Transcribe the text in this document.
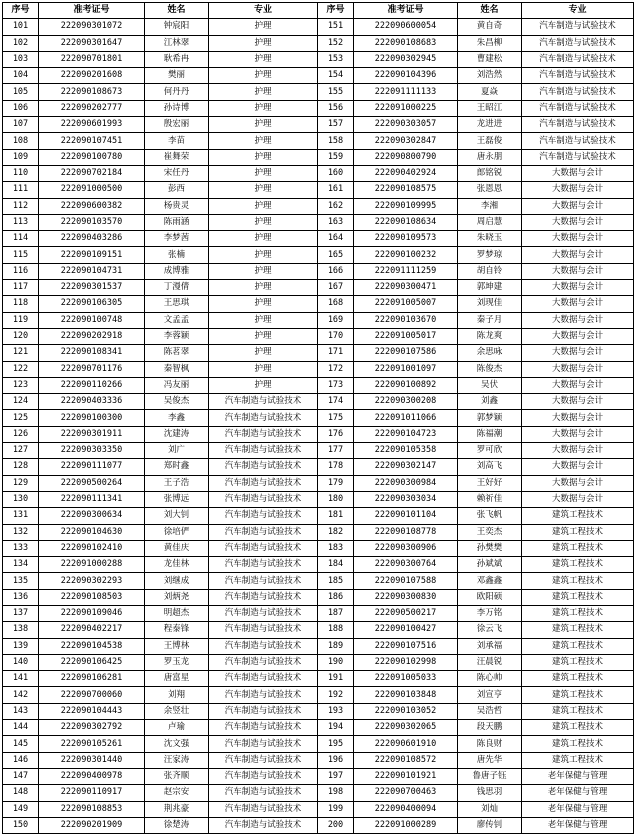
序号	准考证号	姓名	专业	序号	准考证号	姓名	专业
101	222090301072	钟宸阳	护理	151	222090600054	黄自奇	汽车制造与试验技术
102	222090301647	江林翠	护理	152	222090108683	朱昌柳	汽车制造与试验技术
103	222090701801	耿希冉	护理	153	222090302945	曹建松	汽车制造与试验技术
104	222090201608	樊丽	护理	154	222090104396	刘浩然	汽车制造与试验技术
105	222090108673	何丹丹	护理	155	222091111133	夏焱	汽车制造与试验技术
106	222090202777	孙诗博	护理	156	222091000225	王昭江	汽车制造与试验技术
107	222090601993	殷宏丽	护理	157	222090303057	龙进进	汽车制造与试验技术
108	222090107451	李苗	护理	158	222090302847	王磊俊	汽车制造与试验技术
109	222090100780	崔舞荣	护理	159	222090800790	唐永朋	汽车制造与试验技术
110	222090702184	宋任丹	护理	160	222090402924	郎铭锐	大数据与会计
111	222091000500	彭西	护理	161	222090108575	张恩恩	大数据与会计
112	222090600382	杨贵灵	护理	162	222090109995	李湘	大数据与会计
113	222090103570	陈雨涵	护理	163	222090108634	周启慧	大数据与会计
114	222090403286	李梦茜	护理	164	222090109573	朱晓玉	大数据与会计
115	222090109151	张楠	护理	165	222090100232	罗梦琼	大数据与会计
116	222090104731	成博雅	护理	166	222091111259	胡自铃	大数据与会计
117	222090301537	丁漫倩	护理	167	222090300471	郭坤建	大数据与会计
118	222090106305	王思琪	护理	168	222091005007	刘现佳	大数据与会计
119	222090100748	文孟孟	护理	169	222090103670	秦子月	大数据与会计
120	222090202918	李蓉颖	护理	170	222091005017	陈龙爽	大数据与会计
121	222090108341	陈茗翠	护理	171	222090107586	余思咏	大数据与会计
122	222090701176	秦智枫	护理	172	222091001097	陈俊杰	大数据与会计
123	222090110266	冯友丽	护理	173	222090100892	吴伏	大数据与会计
124	222090403336	吴俊杰	汽车制造与试验技术	174	222090300208	刘鑫	大数据与会计
125	222090100300	李鑫	汽车制造与试验技术	175	222091011066	郭梦颖	大数据与会计
126	222090301911	沈建涛	汽车制造与试验技术	176	222090104723	陈福潮	大数据与会计
127	222090303350	刘广	汽车制造与试验技术	177	222090105358	罗可欣	大数据与会计
128	222090111077	郑时鑫	汽车制造与试验技术	178	222090302147	刘高飞	大数据与会计
129	222090500264	王子浩	汽车制造与试验技术	179	222090300984	王好好	大数据与会计
130	222090111341	张博远	汽车制造与试验技术	180	222090303034	赖祈佳	大数据与会计
131	222090300634	刘大钊	汽车制造与试验技术	181	222090101104	张飞帆	建筑工程技术
132	222090104630	徐培俨	汽车制造与试验技术	182	222090108778	王奕杰	建筑工程技术
133	222090102410	黄佳庆	汽车制造与试验技术	183	222090300906	孙樊樊	建筑工程技术
134	222091000288	龙佳林	汽车制造与试验技术	184	222090300764	孙斌斌	建筑工程技术
135	222090302293	刘继成	汽车制造与试验技术	185	222090107588	邓鑫鑫	建筑工程技术
136	222090108503	刘炳尧	汽车制造与试验技术	186	222090300830	欧阳硕	建筑工程技术
137	222090109046	明超杰	汽车制造与试验技术	187	222090500217	李万铭	建筑工程技术
138	222090402217	程泰锋	汽车制造与试验技术	188	222090100427	徐云飞	建筑工程技术
139	222090104538	王博林	汽车制造与试验技术	189	222090107516	刘承福	建筑工程技术
140	222090106425	罗玉龙	汽车制造与试验技术	190	222090102998	汪晨锐	建筑工程技术
141	222090106281	唐富星	汽车制造与试验技术	191	222091005033	陈心帅	建筑工程技术
142	222090700060	刘翔	汽车制造与试验技术	192	222090103848	刘宣亨	建筑工程技术
143	222090104443	余竖壮	汽车制造与试验技术	193	222090103052	吴浩哲	建筑工程技术
144	222090302792	卢瑜	汽车制造与试验技术	194	222090302065	段天鹏	建筑工程技术
145	222090105261	沈文强	汽车制造与试验技术	195	222090601910	陈良财	建筑工程技术
146	222090301440	汪家涛	汽车制造与试验技术	196	222090108572	唐先华	建筑工程技术
147	222090400978	张齐顺	汽车制造与试验技术	197	222090101921	鲁唐子钰	老年保健与管理
148	222090110917	赵宗安	汽车制造与试验技术	198	222090700463	钱思羽	老年保健与管理
149	222090108853	荆兆豪	汽车制造与试验技术	199	222090400094	刘灿	老年保健与管理
150	222090201909	徐楚涛	汽车制造与试验技术	200	222091000289	廖传钊	老年保健与管理
